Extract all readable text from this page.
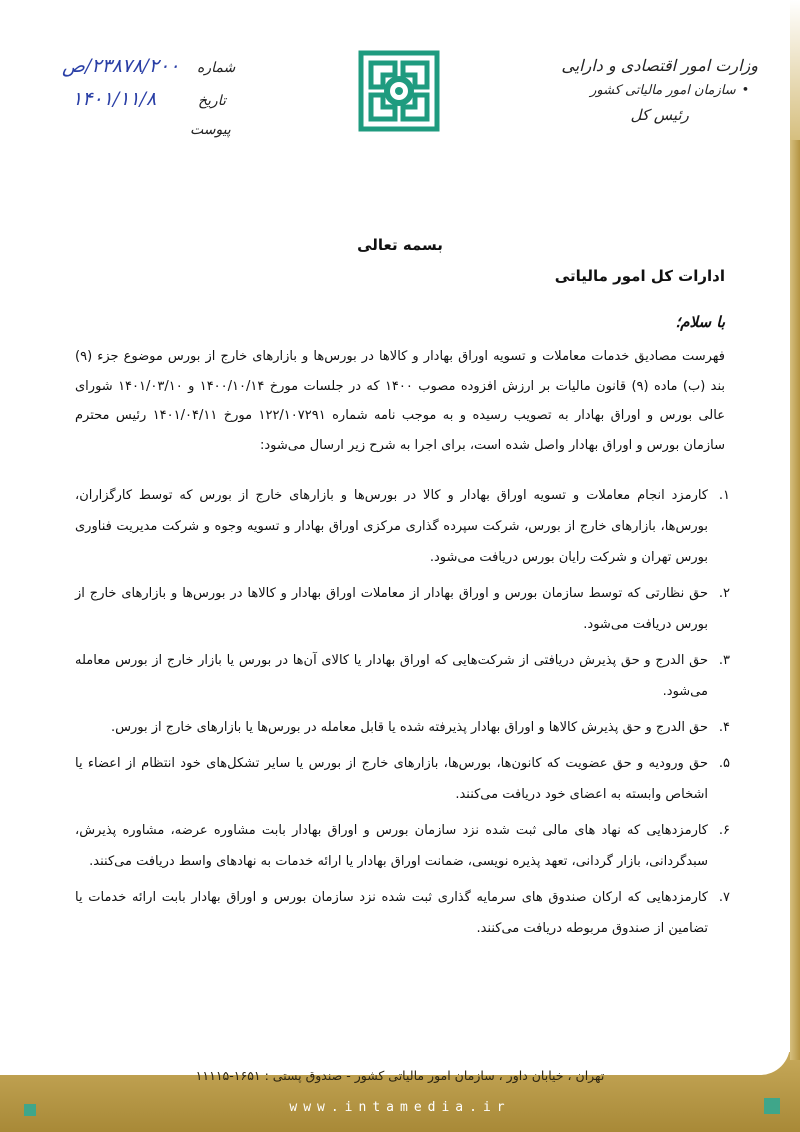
وزارت امور اقتصادی و دارایی
•سازمان امور مالیاتی کشور
رئیس کل
شماره
۲۳۸۷۸/۲۰۰/ص
تاریخ
۱۴۰۱/۱۱/۸
پیوست
بسمه تعالی
ادارات کل امور مالیاتی
با سلام؛
فهرست مصادیق خدمات معاملات و تسویه اوراق بهادار و کالاها در بورس‌ها و بازارهای خارج از بورس موضوع جزء (۹) بند (ب) ماده (۹) قانون مالیات بر ارزش افزوده مصوب ۱۴۰۰ که در جلسات مورخ ۱۴۰۰/۱۰/۱۴ و ۱۴۰۱/۰۳/۱۰ شورای عالی بورس و اوراق بهادار به تصویب رسیده و به موجب نامه شماره ۱۲۲/۱۰۷۲۹۱ مورخ ۱۴۰۱/۰۴/۱۱ رئیس محترم سازمان بورس و اوراق بهادار واصل شده است، برای اجرا به شرح زیر ارسال می‌شود:
۱.
کارمزد انجام معاملات و تسویه اوراق بهادار و کالا در بورس‌ها و بازارهای خارج از بورس که توسط کارگزاران، بورس‌ها، بازارهای خارج از بورس، شرکت سپرده گذاری مرکزی اوراق بهادار و تسویه وجوه و شرکت مدیریت فناوری بورس تهران و شرکت رایان بورس دریافت می‌شود.
۲.
حق نظارتی که توسط سازمان بورس و اوراق بهادار از معاملات اوراق بهادار و کالاها در بورس‌ها و بازارهای خارج از بورس دریافت می‌شود.
۳.
حق الدرج و حق پذیرش دریافتی از شرکت‌هایی که اوراق بهادار یا کالای آن‌ها در بورس یا بازار خارج از بورس معامله می‌شود.
۴.
حق الدرج و حق پذیرش کالاها و اوراق بهادار پذیرفته شده یا قابل معامله در بورس‌ها یا بازارهای خارج از بورس.
۵.
حق ورودیه و حق عضویت که کانون‌ها، بورس‌ها، بازارهای خارج از بورس یا سایر تشکل‌های خود انتظام از اعضاء یا اشخاص وابسته به اعضای خود دریافت می‌کنند.
۶.
کارمزدهایی که نهاد های مالی ثبت شده نزد سازمان بورس و اوراق بهادار بابت مشاوره عرضه، مشاوره پذیرش، سبدگردانی، بازار گردانی، تعهد پذیره نویسی، ضمانت اوراق بهادار یا ارائه خدمات به نهادهای واسط دریافت می‌کنند.
۷.
کارمزدهایی که ارکان صندوق های سرمایه گذاری ثبت شده نزد سازمان بورس و اوراق بهادار بابت ارائه خدمات یا تضامین از صندوق مربوطه دریافت می‌کنند.
تهران ، خیابان داور ، سازمان امور مالیاتی کشور - صندوق پستی : ۱۶۵۱-۱۱۱۱۵
www.intamedia.ir
